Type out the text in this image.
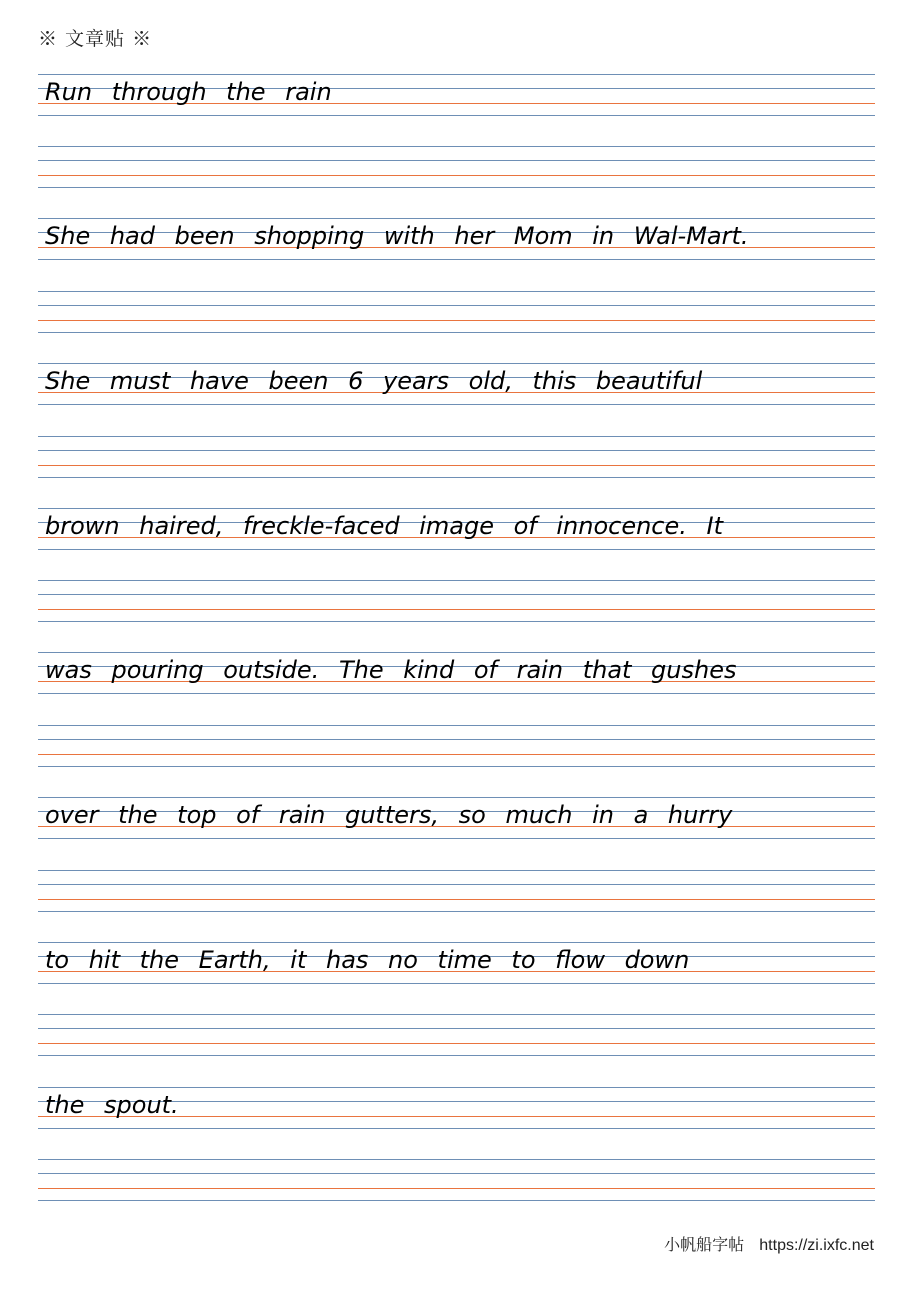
※ 文章贴 ※
Run through the rain
She had been shopping with her Mom in Wal-Mart.
She must have been 6 years old, this beautiful
brown haired, freckle-faced image of innocence. It
was pouring outside. The kind of rain that gushes
over the top of rain gutters, so much in a hurry
to hit the Earth, it has no time to flow down
the spout.
小帆船字帖 https://zi.ixfc.net
